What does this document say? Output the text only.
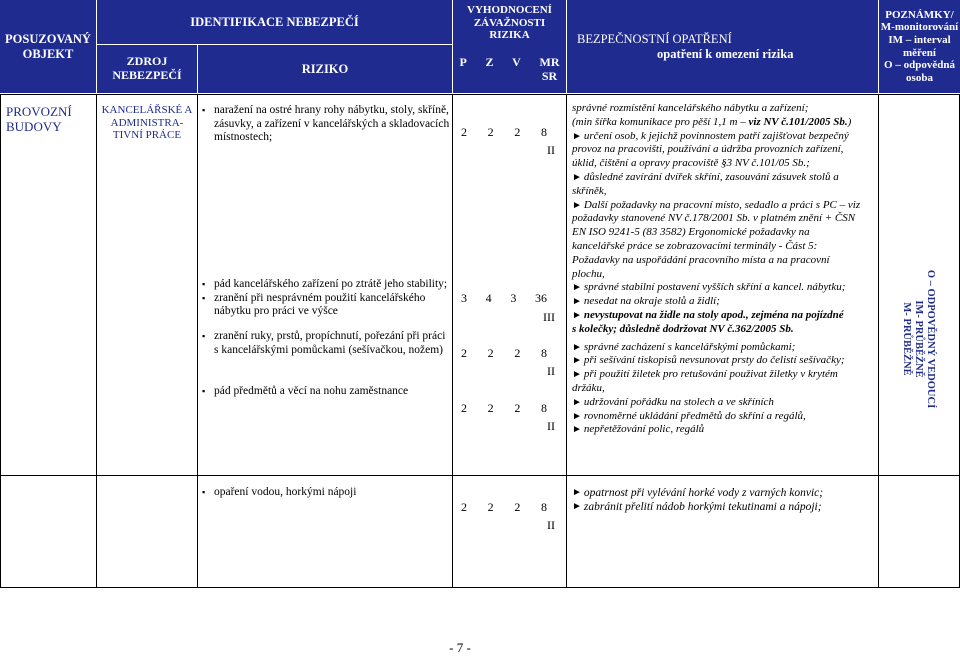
POSUZOVANÝ OBJEKT
IDENTIFIKACE NEBEZPEČÍ
ZDROJ NEBEZPEČÍ	RIZIKO
VYHODNOCENÍ ZÁVAŽNOSTI RIZIKA
P Z V MR SR
BEZPEČNOSTNÍ OPATŘENÍ
opatření k omezení rizika
POZNÁMKY/
M-monitorování
IM – interval
měření
O – odpovědná
osoba
PROVOZNÍ BUDOVY
KANCELÁŘSKÉ A ADMINISTRA-TIVNÍ PRÁCE
▪ naražení na ostré hrany rohy nábytku, stoly, skříně, zásuvky, a zařízení v kancelářských a skladovacích místnostech;
▪ pád kancelářského zařízení po ztrátě jeho stability;
▪ zranění při nesprávném použití kancelářského nábytku pro práci ve výšce
▪ zranění ruky, prstů, propíchnutí, pořezání při práci s kancelářskými pomůckami (sešívačkou, nožem)
▪ pád předmětů a věcí na nohu zaměstnance
▪ opaření vodou, horkými nápoji
2 2 2 8
II
3 4 3 36
III
2 2 2 8
II
2 2 2 8
II
2 2 2 8
II
správné rozmístění kancelářského nábytku a zařízení;
(min šířka komunikace pro pěší 1,1 m – viz NV č.101/2005 Sb.)
► určení osob, k jejichž povinnostem patří zajišťovat bezpečný
provoz na pracovišti, používání a údržba provozních zařízení,
úklid, čištění a opravy pracoviště §3 NV č.101/05 Sb.;
► důsledné zavírání dvířek skříní, zasouvání zásuvek stolů a
skříněk,
► Další požadavky na pracovní místo, sedadlo a práci s PC – viz
požadavky stanovené NV č.178/2001 Sb. v platném znění + ČSN
EN ISO 9241-5 (83 3582) Ergonomické požadavky na
kancelářské práce se zobrazovacími terminály - Část 5:
Požadavky na uspořádání pracovního místa a na pracovní
plochu,
► správné stabilní postavení vyšších skříní a kancel. nábytku;
► nesedat na okraje stolů a židlí;
► nevystupovat na židle na stoly apod., zejména na pojízdné
s kolečky; důsledně dodržovat NV č.362/2005 Sb.
► správné zacházení s kancelářskými pomůckami;
► při sešívání tiskopisů nevsunovat prsty do čelistí sešívačky;
► při použití žiletek pro retušování použivat žiletky v krytém
držáku,
► udržování pořádku na stolech a ve skříních
► rovnoměrné ukládání předmětů do skříní a regálů,
► nepřetěžování polic, regálů
► opatrnost při vylévání horké vody z varných konvic;
► zabránit přelití nádob horkými tekutinami a nápoji;
O – ODPOVĚDNÝ VEDOUCÍ
IM- PRŮBĚŽNĚ
M- PRŮBĚŽNĚ
- 7 -
